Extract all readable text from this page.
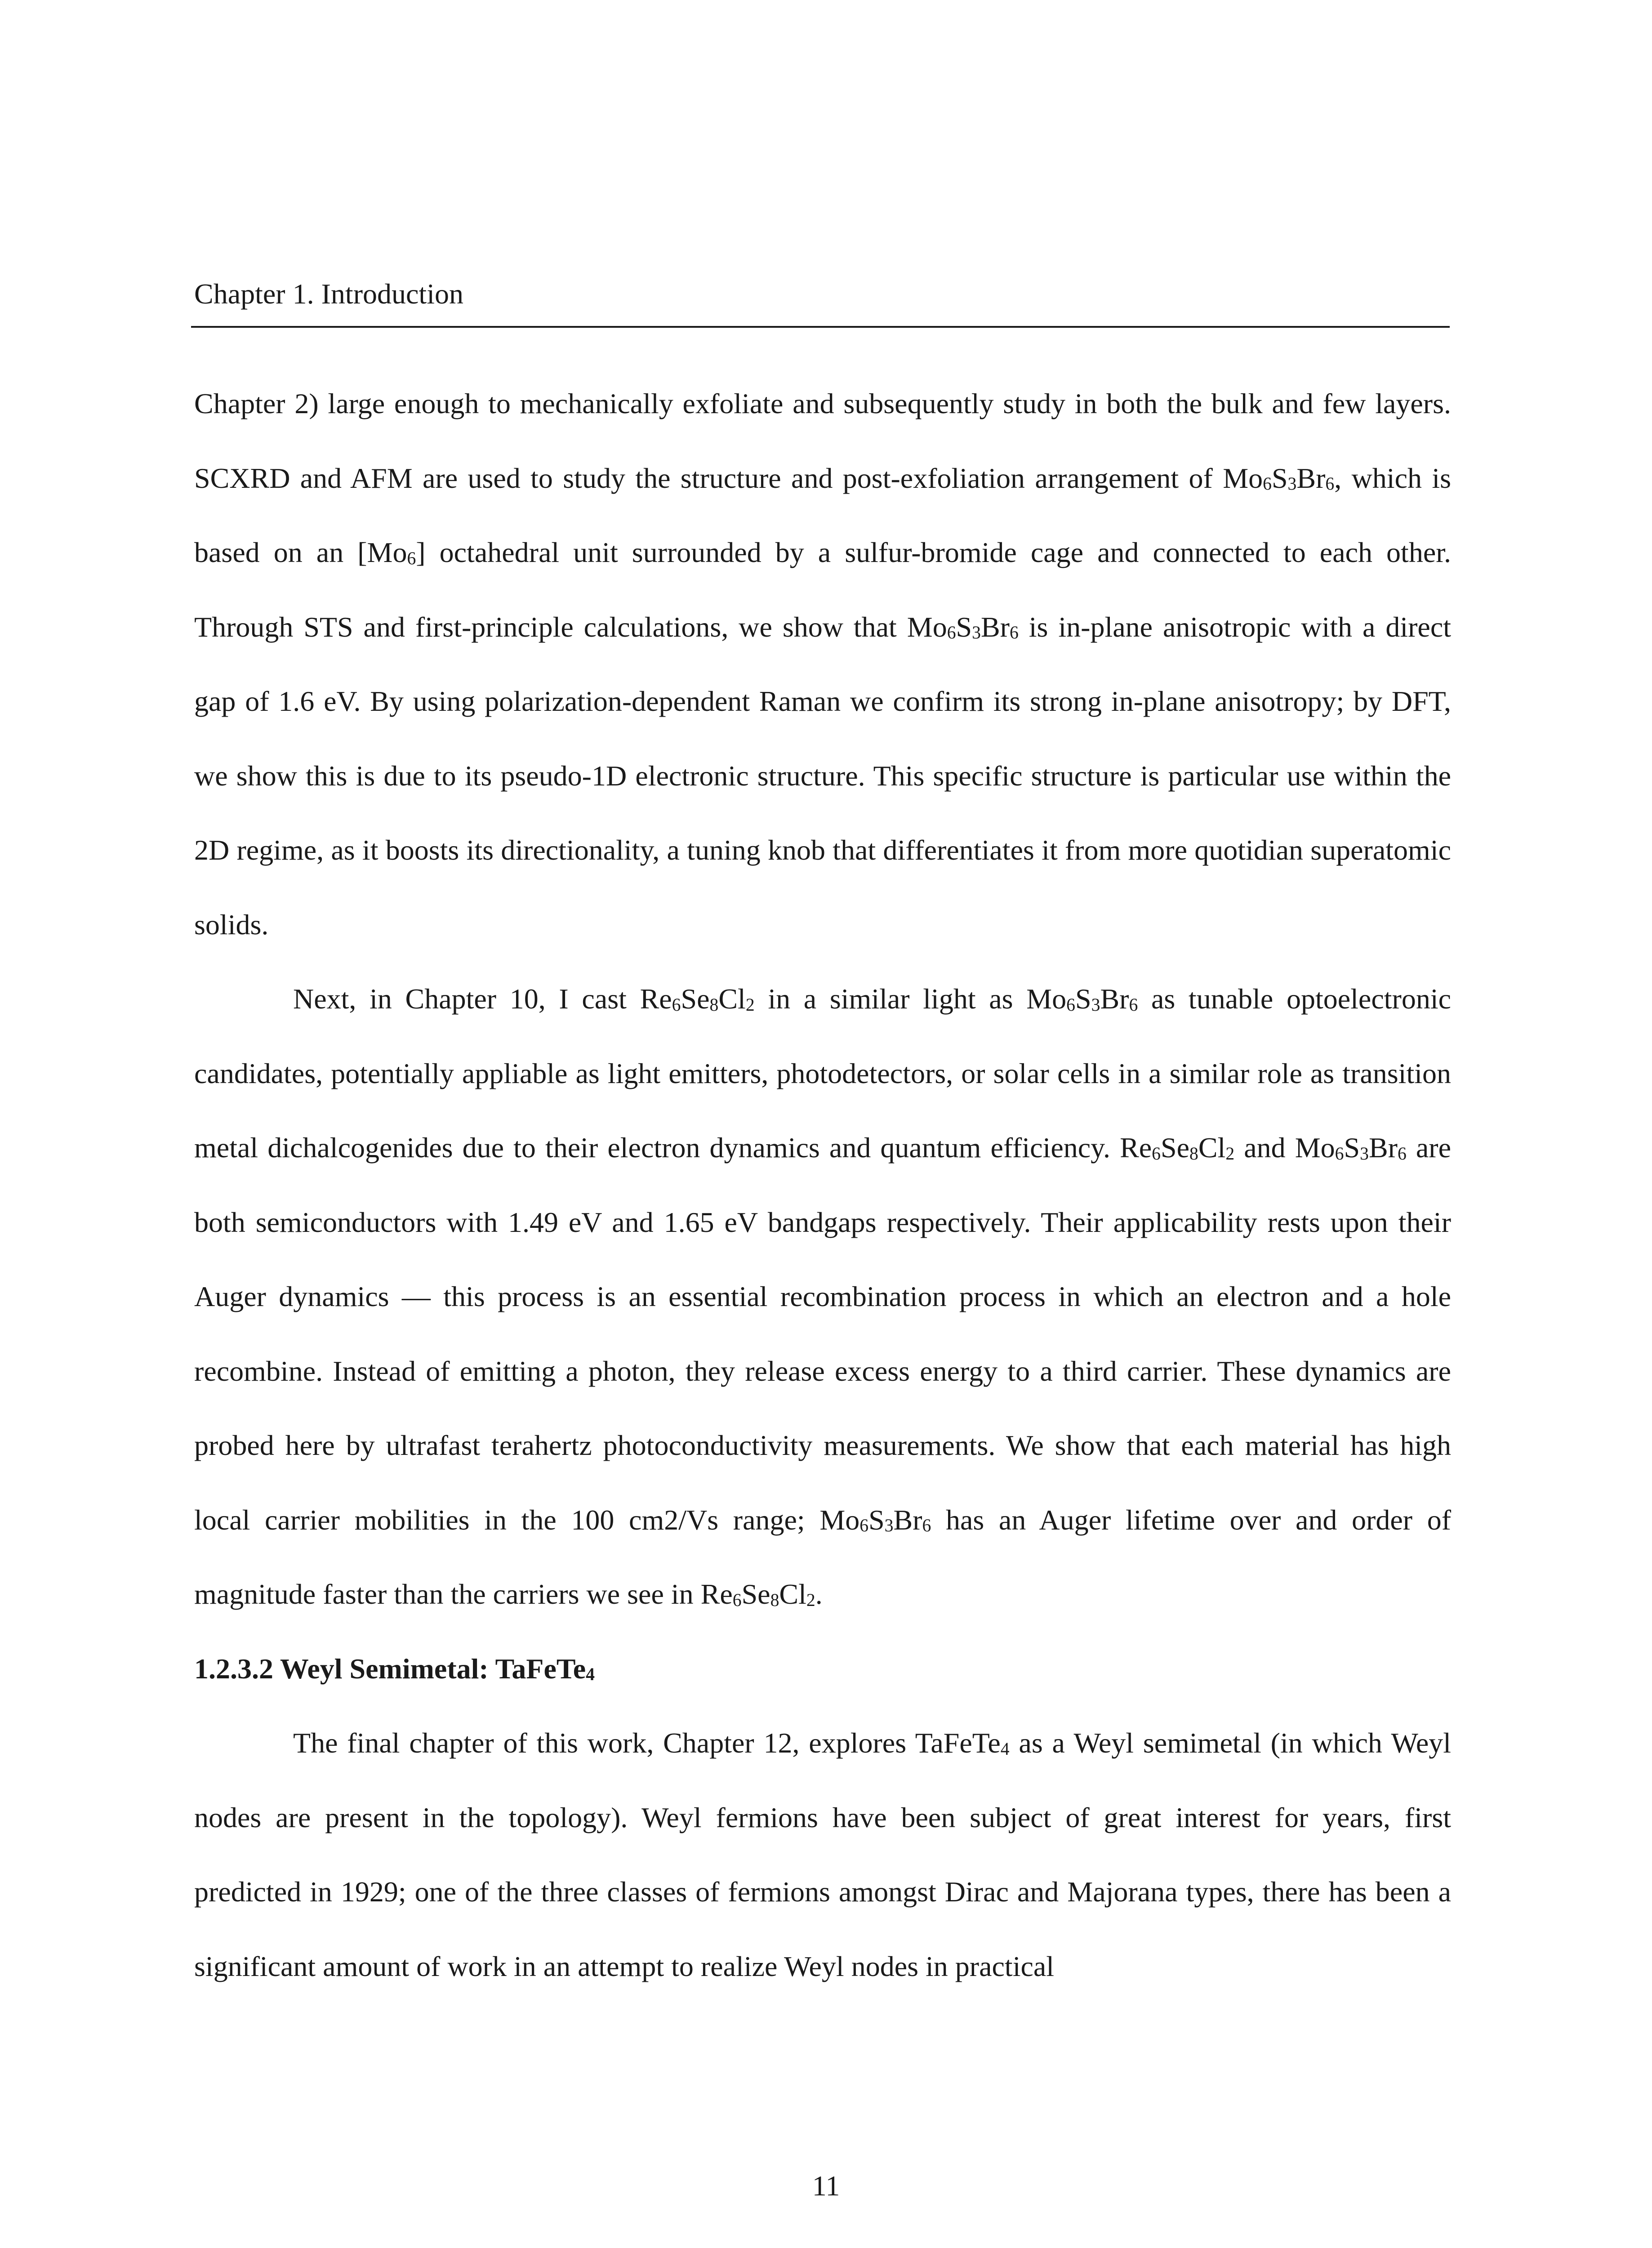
Chapter 1. Introduction

Chapter 2) large enough to mechanically exfoliate and subsequently study in both the bulk and few layers. SCXRD and AFM are used to study the structure and post-exfoliation arrangement of $Mo_6S_3Br_6$, which is based on an $[Mo_6]$ octahedral unit surrounded by a sulfur-bromide cage and connected to each other. Through STS and first-principle calculations, we show that $Mo_6S_3Br_6$ is in-plane anisotropic with a direct gap of 1.6 eV. By using polarization-dependent Raman we confirm its strong in-plane anisotropy; by DFT, we show this is due to its pseudo-1D electronic structure. This specific structure is particular use within the 2D regime, as it boosts its directionality, a tuning knob that differentiates it from more quotidian superatomic solids.

Next, in Chapter 10, I cast $Re_6Se_8Cl_2$ in a similar light as $Mo_6S_3Br_6$ as tunable optoelectronic candidates, potentially appliable as light emitters, photodetectors, or solar cells in a similar role as transition metal dichalcogenides due to their electron dynamics and quantum efficiency. $Re_6Se_8Cl_2$ and $Mo_6S_3Br_6$ are both semiconductors with 1.49 eV and 1.65 eV bandgaps respectively. Their applicability rests upon their Auger dynamics — this process is an essential recombination process in which an electron and a hole recombine. Instead of emitting a photon, they release excess energy to a third carrier. These dynamics are probed here by ultrafast terahertz photoconductivity measurements. We show that each material has high local carrier mobilities in the 100 cm2/Vs range; $Mo_6S_3Br_6$ has an Auger lifetime over and order of magnitude faster than the carriers we see in $Re_6Se_8Cl_2$.

1.2.3.2 Weyl Semimetal: TaFeTe$_4$

The final chapter of this work, Chapter 12, explores TaFeTe$_4$ as a Weyl semimetal (in which Weyl nodes are present in the topology). Weyl fermions have been subject of great interest for years, first predicted in 1929; one of the three classes of fermions amongst Dirac and Majorana types, there has been a significant amount of work in an attempt to realize Weyl nodes in practical

11
